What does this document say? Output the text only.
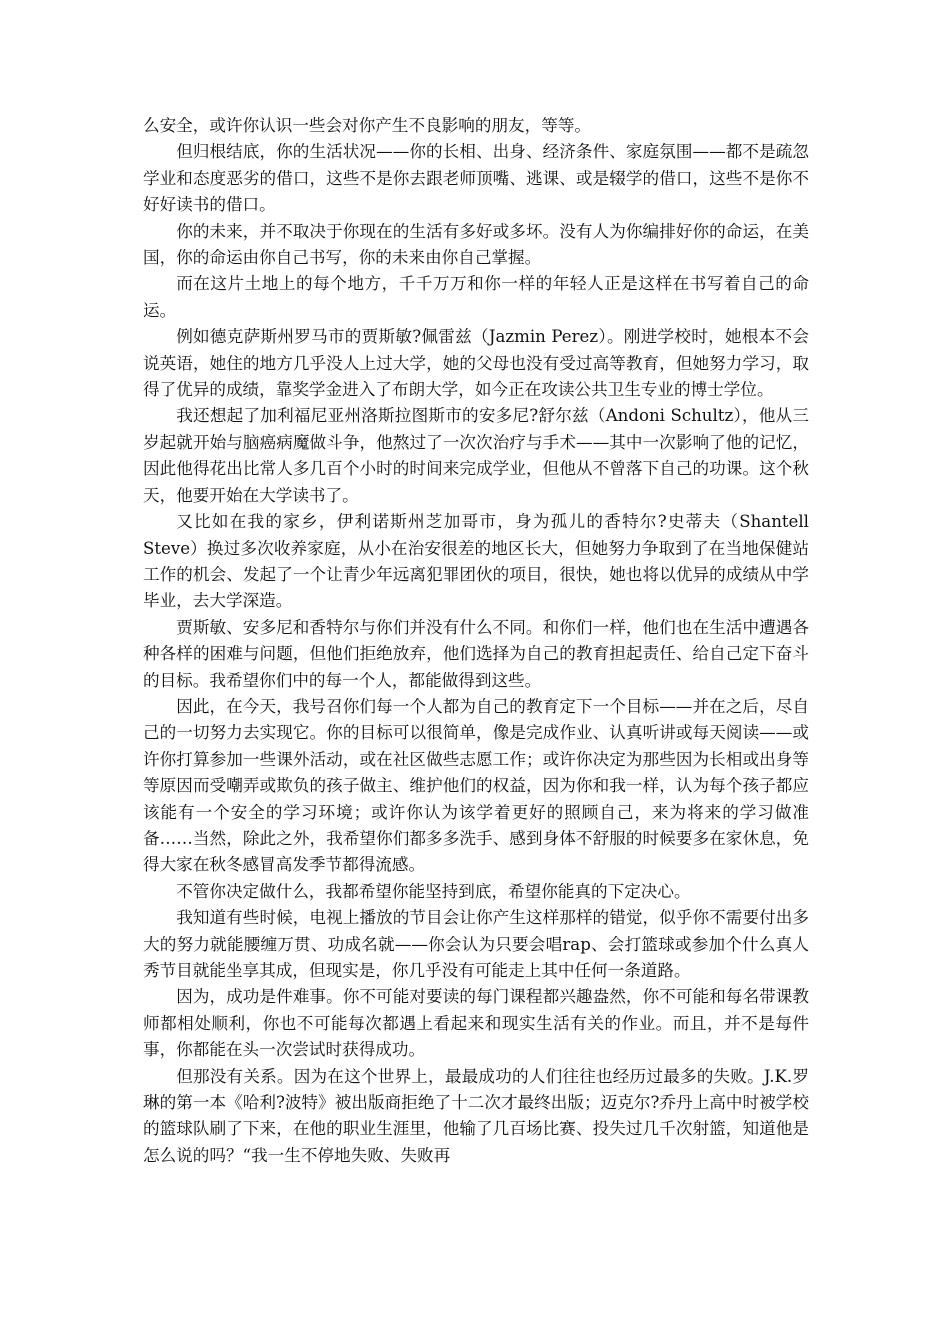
么安全，或许你认识一些会对你产生不良影响的朋友，等等。

但归根结底，你的生活状况——你的长相、出身、经济条件、家庭氛围——都不是疏忽学业和态度恶劣的借口，这些不是你去跟老师顶嘴、逃课、或是辍学的借口，这些不是你不好好读书的借口。

你的未来，并不取决于你现在的生活有多好或多坏。没有人为你编排好你的命运，在美国，你的命运由你自己书写，你的未来由你自己掌握。

而在这片土地上的每个地方，千千万万和你一样的年轻人正是这样在书写着自己的命运。

例如德克萨斯州罗马市的贾斯敏?佩雷兹（Jazmin Perez）。刚进学校时，她根本不会说英语，她住的地方几乎没人上过大学，她的父母也没有受过高等教育，但她努力学习，取得了优异的成绩，靠奖学金进入了布朗大学，如今正在攻读公共卫生专业的博士学位。

我还想起了加利福尼亚州洛斯拉图斯市的安多尼?舒尔兹（Andoni Schultz），他从三岁起就开始与脑癌病魔做斗争，他熬过了一次次治疗与手术——其中一次影响了他的记忆，因此他得花出比常人多几百个小时的时间来完成学业，但他从不曾落下自己的功课。这个秋天，他要开始在大学读书了。

又比如在我的家乡，伊利诺斯州芝加哥市，身为孤儿的香特尔?史蒂夫（Shantell Steve）换过多次收养家庭，从小在治安很差的地区长大，但她努力争取到了在当地保健站工作的机会、发起了一个让青少年远离犯罪团伙的项目，很快，她也将以优异的成绩从中学毕业，去大学深造。

贾斯敏、安多尼和香特尔与你们并没有什么不同。和你们一样，他们也在生活中遭遇各种各样的困难与问题，但他们拒绝放弃，他们选择为自己的教育担起责任、给自己定下奋斗的目标。我希望你们中的每一个人，都能做得到这些。

因此，在今天，我号召你们每一个人都为自己的教育定下一个目标——并在之后，尽自己的一切努力去实现它。你的目标可以很简单，像是完成作业、认真听讲或每天阅读——或许你打算参加一些课外活动，或在社区做些志愿工作；或许你决定为那些因为长相或出身等等原因而受嘲弄或欺负的孩子做主、维护他们的权益，因为你和我一样，认为每个孩子都应该能有一个安全的学习环境；或许你认为该学着更好的照顾自己，来为将来的学习做准备……当然，除此之外，我希望你们都多多洗手、感到身体不舒服的时候要多在家休息，免得大家在秋冬感冒高发季节都得流感。

不管你决定做什么，我都希望你能坚持到底，希望你能真的下定决心。

我知道有些时候，电视上播放的节目会让你产生这样那样的错觉，似乎你不需要付出多大的努力就能腰缠万贯、功成名就——你会认为只要会唱rap、会打篮球或参加个什么真人秀节目就能坐享其成，但现实是，你几乎没有可能走上其中任何一条道路。

因为，成功是件难事。你不可能对要读的每门课程都兴趣盎然，你不可能和每名带课教师都相处顺利，你也不可能每次都遇上看起来和现实生活有关的作业。而且，并不是每件事，你都能在头一次尝试时获得成功。

但那没有关系。因为在这个世界上，最最成功的人们往往也经历过最多的失败。J.K.罗琳的第一本《哈利?波特》被出版商拒绝了十二次才最终出版；迈克尔?乔丹上高中时被学校的篮球队刷了下来，在他的职业生涯里，他输了几百场比赛、投失过几千次射篮，知道他是怎么说的吗？“我一生不停地失败、失败再
